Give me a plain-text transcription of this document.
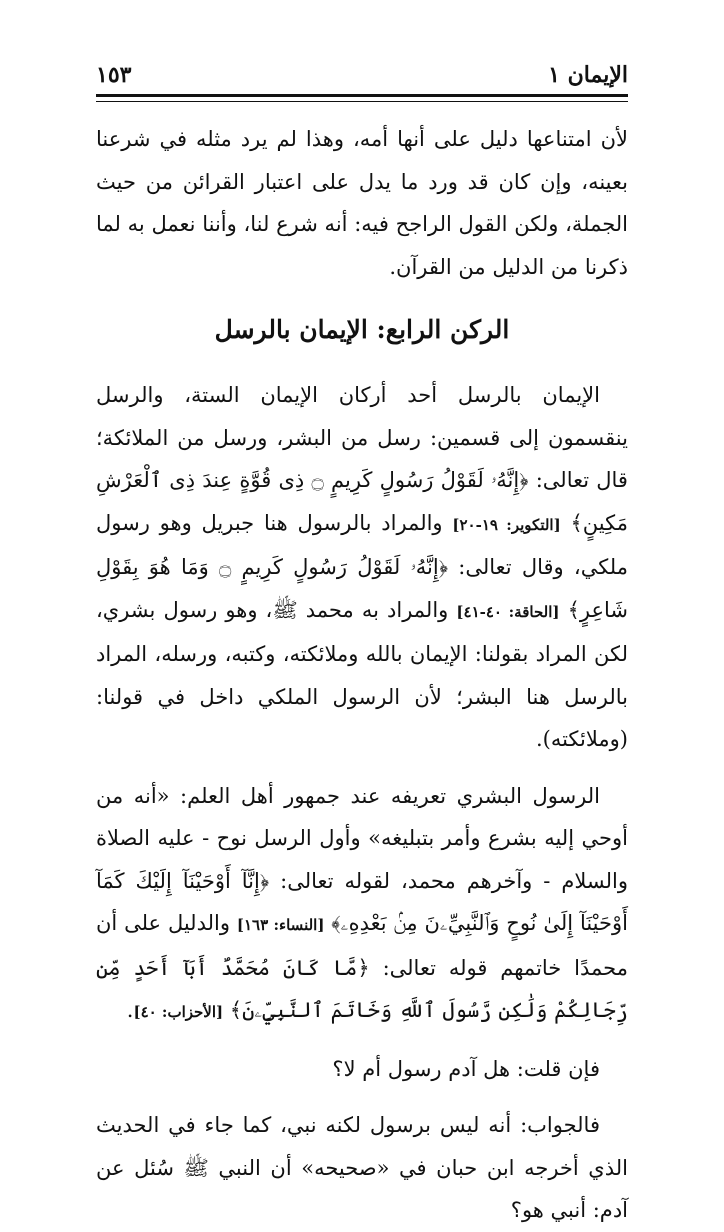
الإيمان ١
١٥٣

لأن امتناعها دليل على أنها أمه، وهذا لم يرد مثله في شرعنا بعينه، وإن كان قد ورد ما يدل على اعتبار القرائن من حيث الجملة، ولكن القول الراجح فيه: أنه شرع لنا، وأننا نعمل به لما ذكرنا من الدليل من القرآن.

الركن الرابع: الإيمان بالرسل

الإيمان بالرسل أحد أركان الإيمان الستة، والرسل ينقسمون إلى قسمين: رسل من البشر، ورسل من الملائكة؛ قال تعالى: ﴿إِنَّهُۥ لَقَوْلُ رَسُولٍ كَرِيمٍ ۝ ذِى قُوَّةٍ عِندَ ذِى ٱلْعَرْشِ مَكِينٍ﴾ [التكوير: ١٩-٢٠] والمراد بالرسول هنا جبريل وهو رسول ملكي، وقال تعالى: ﴿إِنَّهُۥ لَقَوْلُ رَسُولٍ كَرِيمٍ ۝ وَمَا هُوَ بِقَوْلِ شَاعِرٍ﴾ [الحاقة: ٤٠-٤١] والمراد به محمد ﷺ، وهو رسول بشري، لكن المراد بقولنا: الإيمان بالله وملائكته، وكتبه، ورسله، المراد بالرسل هنا البشر؛ لأن الرسول الملكي داخل في قولنا: (وملائكته).

الرسول البشري تعريفه عند جمهور أهل العلم: «أنه من أوحي إليه بشرع وأمر بتبليغه» وأول الرسل نوح - عليه الصلاة والسلام - وآخرهم محمد، لقوله تعالى: ﴿إِنَّآ أَوْحَيْنَآ إِلَيْكَ كَمَآ أَوْحَيْنَآ إِلَىٰ نُوحٍ وَٱلنَّبِيِّۦنَ مِنۢ بَعْدِهِۦ﴾ [النساء: ١٦٣] والدليل على أن محمدًا خاتمهم قوله تعالى: ﴿مَّا كَانَ مُحَمَّدٌ أَبَآ أَحَدٍ مِّن رِّجَالِكُمْ وَلَٰكِن رَّسُولَ ٱللَّهِ وَخَاتَمَ ٱلنَّبِيِّۦنَ﴾ [الأحزاب: ٤٠].

فإن قلت: هل آدم رسول أم لا؟

فالجواب: أنه ليس برسول لكنه نبي، كما جاء في الحديث الذي أخرجه ابن حبان في «صحيحه» أن النبي ﷺ سُئل عن آدم: أنبي هو؟
